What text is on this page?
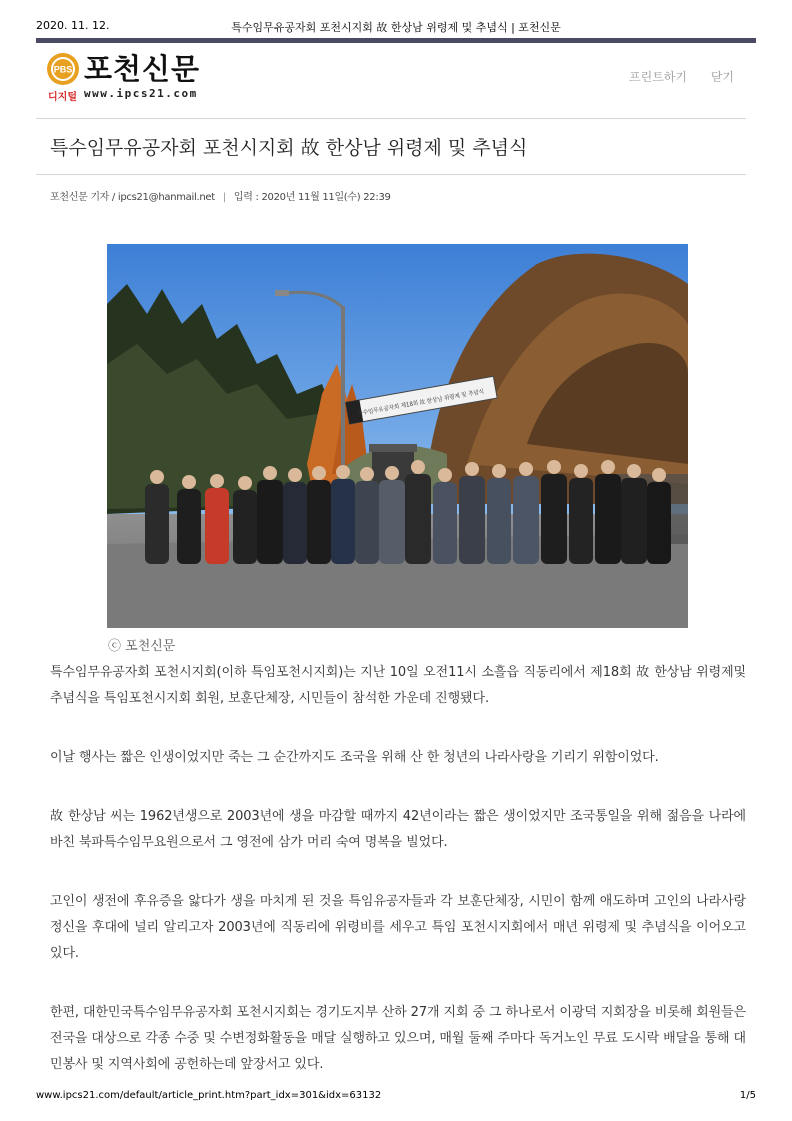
2020. 11. 12.	특수임무유공자회 포천시지회 故 한상남 위령제 및 추념식 | 포천신문
PBS 포천신문
디지털 www.ipcs21.com
프린트하기 닫기
특수임무유공자회 포천시지회 故 한상남 위령제 및 추념식
포천신문 기자 / ipcs21@hanmail.net | 입력 : 2020년 11월 11일(수) 22:39
특수임무유공자회 제18회 故 한상남 위령제 및 추념식
ⓒ 포천신문

특수임무유공자회 포천시지회(이하 특임포천시지회)는 지난 10일 오전11시 소흘읍 직동리에서 제18회 故 한상남 위령제및추념식을 특임포천시지회 회원, 보훈단체장, 시민들이 참석한 가운데 진행됐다.

이날 행사는 짧은 인생이었지만 죽는 그 순간까지도 조국을 위해 산 한 청년의 나라사랑을 기리기 위함이었다.

故 한상남 씨는 1962년생으로 2003년에 생을 마감할 때까지 42년이라는 짧은 생이었지만 조국통일을 위해 젊음을 나라에 바친 북파특수임무요원으로서 그 영전에 삼가 머리 숙여 명복을 빌었다.

고인이 생전에 후유증을 앓다가 생을 마치게 된 것을 특임유공자들과 각 보훈단체장, 시민이 함께 애도하며 고인의 나라사랑 정신을 후대에 널리 알리고자 2003년에 직동리에 위령비를 세우고 특임 포천시지회에서 매년 위령제 및 추념식을 이어오고 있다.

한편, 대한민국특수임무유공자회 포천시지회는 경기도지부 산하 27개 지회 중 그 하나로서 이광덕 지회장을 비롯해 회원들은 전국을 대상으로 각종 수중 및 수변정화활동을 매달 실행하고 있으며, 매월 둘째 주마다 독거노인 무료 도시락 배달을 통해 대민봉사 및 지역사회에 공헌하는데 앞장서고 있다.

www.ipcs21.com/default/article_print.htm?part_idx=301&idx=63132	1/5
